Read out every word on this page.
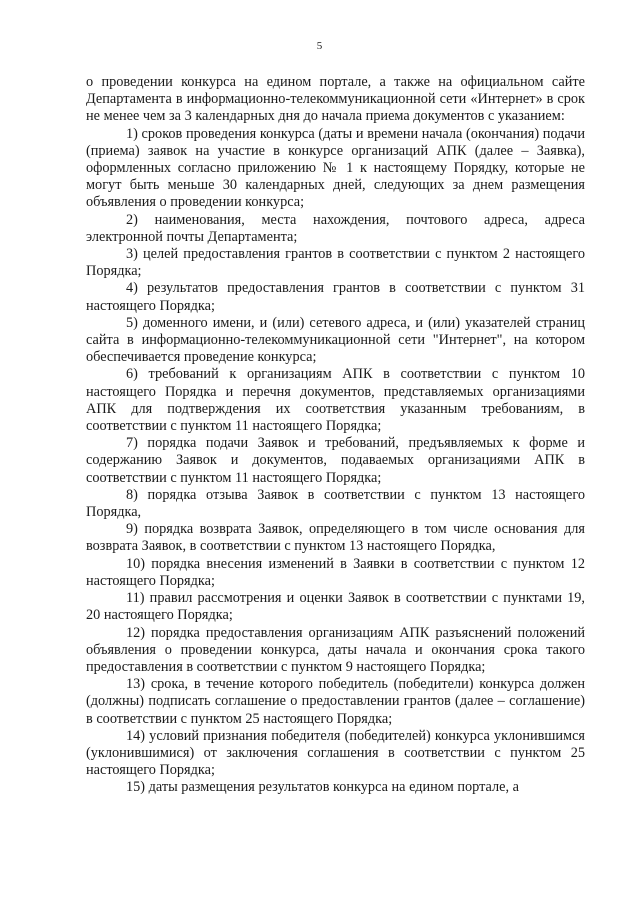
5

о проведении конкурса на едином портале, а также на официальном сайте Департамента в информационно-телекоммуникационной сети «Интернет» в срок не менее чем за 3 календарных дня до начала приема документов с указанием:

1) сроков проведения конкурса (даты и времени начала (окончания) подачи (приема) заявок на участие в конкурсе организаций АПК (далее – Заявка), оформленных согласно приложению № 1 к настоящему Порядку, которые не могут быть меньше 30 календарных дней, следующих за днем размещения объявления о проведении конкурса;

2) наименования, места нахождения, почтового адреса, адреса электронной почты Департамента;

3) целей предоставления грантов в соответствии с пунктом 2 настоящего Порядка;

4) результатов предоставления грантов в соответствии с пунктом 31 настоящего Порядка;

5) доменного имени, и (или) сетевого адреса, и (или) указателей страниц сайта в информационно-телекоммуникационной сети "Интернет", на котором обеспечивается проведение конкурса;

6) требований к организациям АПК в соответствии с пунктом 10 настоящего Порядка и перечня документов, представляемых организациями АПК для подтверждения их соответствия указанным требованиям, в соответствии с пунктом 11 настоящего Порядка;

7) порядка подачи Заявок и требований, предъявляемых к форме и содержанию Заявок и документов, подаваемых организациями АПК в соответствии с пунктом 11 настоящего Порядка;

8) порядка отзыва Заявок в соответствии с пунктом 13 настоящего Порядка,

9) порядка возврата Заявок, определяющего в том числе основания для возврата Заявок, в соответствии с пунктом 13 настоящего Порядка,

10) порядка внесения изменений в Заявки в соответствии с пунктом 12 настоящего Порядка;

11) правил рассмотрения и оценки Заявок в соответствии с пунктами 19, 20 настоящего Порядка;

12) порядка предоставления организациям АПК разъяснений положений объявления о проведении конкурса, даты начала и окончания срока такого предоставления в соответствии с пунктом 9 настоящего Порядка;

13) срока, в течение которого победитель (победители) конкурса должен (должны) подписать соглашение о предоставлении грантов (далее – соглашение) в соответствии с пунктом 25 настоящего Порядка;

14) условий признания победителя (победителей) конкурса уклонившимся (уклонившимися) от заключения соглашения в соответствии с пунктом 25 настоящего Порядка;

15) даты размещения результатов конкурса на едином портале, а
